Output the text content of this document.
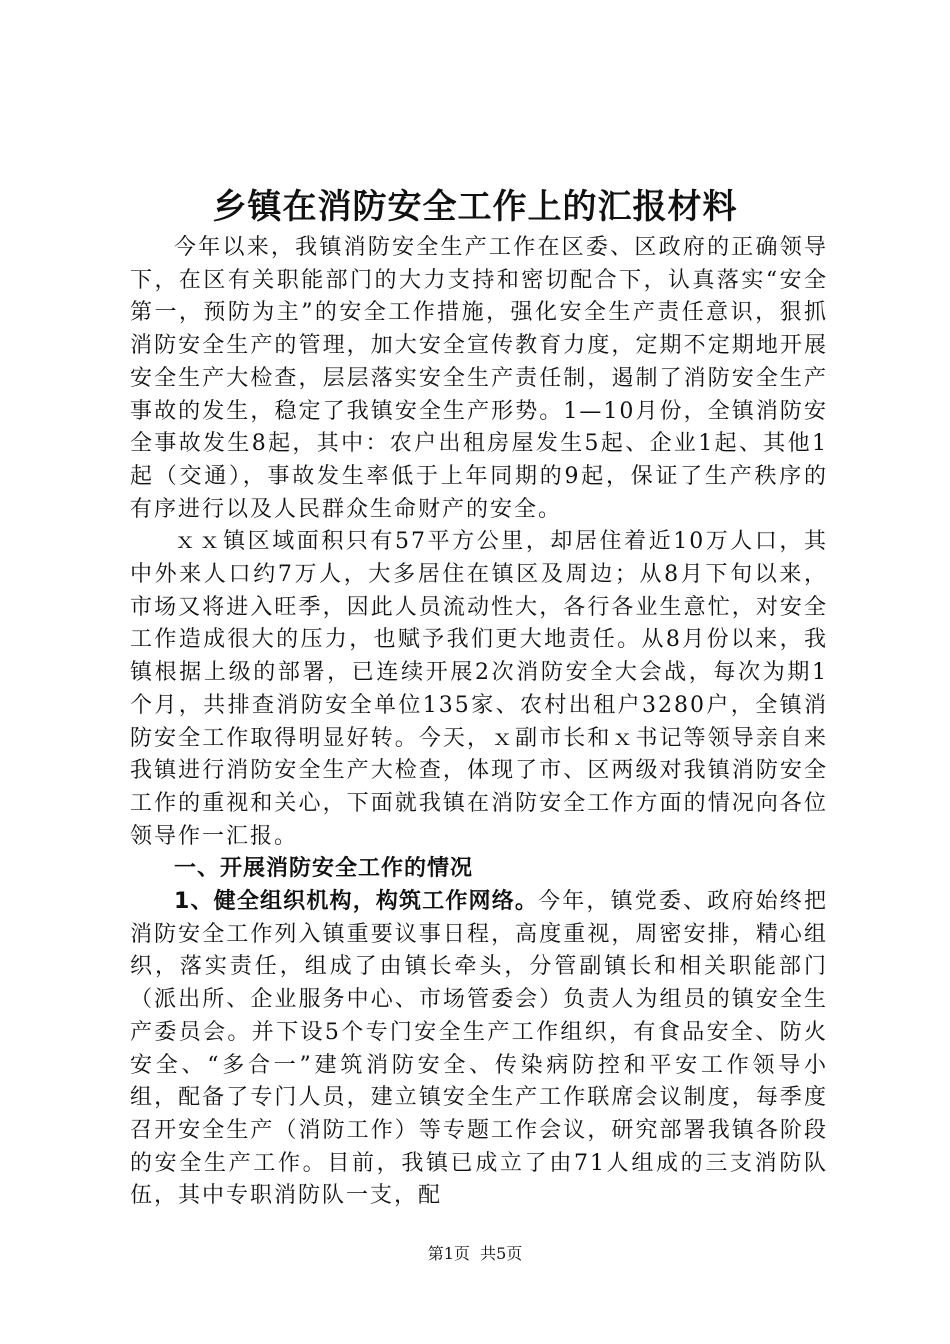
乡镇在消防安全工作上的汇报材料

今年以来，我镇消防安全生产工作在区委、区政府的正确领导下，在区有关职能部门的大力支持和密切配合下，认真落实“安全第一，预防为主”的安全工作措施，强化安全生产责任意识，狠抓消防安全生产的管理，加大安全宣传教育力度，定期不定期地开展安全生产大检查，层层落实安全生产责任制，遏制了消防安全生产事故的发生，稳定了我镇安全生产形势。1—10月份，全镇消防安全事故发生8起，其中：农户出租房屋发生5起、企业1起、其他1起（交通），事故发生率低于上年同期的9起，保证了生产秩序的有序进行以及人民群众生命财产的安全。

ｘｘ镇区域面积只有57平方公里，却居住着近10万人口，其中外来人口约7万人，大多居住在镇区及周边；从8月下旬以来，市场又将进入旺季，因此人员流动性大，各行各业生意忙，对安全工作造成很大的压力，也赋予我们更大地责任。从8月份以来，我镇根据上级的部署，已连续开展2次消防安全大会战，每次为期1个月，共排查消防安全单位135家、农村出租户3280户，全镇消防安全工作取得明显好转。今天，ｘ副市长和ｘ书记等领导亲自来我镇进行消防安全生产大检查，体现了市、区两级对我镇消防安全工作的重视和关心，下面就我镇在消防安全工作方面的情况向各位领导作一汇报。

一、开展消防安全工作的情况

1、健全组织机构，构筑工作网络。今年，镇党委、政府始终把消防安全工作列入镇重要议事日程，高度重视，周密安排，精心组织，落实责任，组成了由镇长牵头，分管副镇长和相关职能部门（派出所、企业服务中心、市场管委会）负责人为组员的镇安全生产委员会。并下设5个专门安全生产工作组织，有食品安全、防火安全、“多合一”建筑消防安全、传染病防控和平安工作领导小组，配备了专门人员，建立镇安全生产工作联席会议制度，每季度召开安全生产（消防工作）等专题工作会议，研究部署我镇各阶段的安全生产工作。目前，我镇已成立了由71人组成的三支消防队伍，其中专职消防队一支，配

第1页 共5页
